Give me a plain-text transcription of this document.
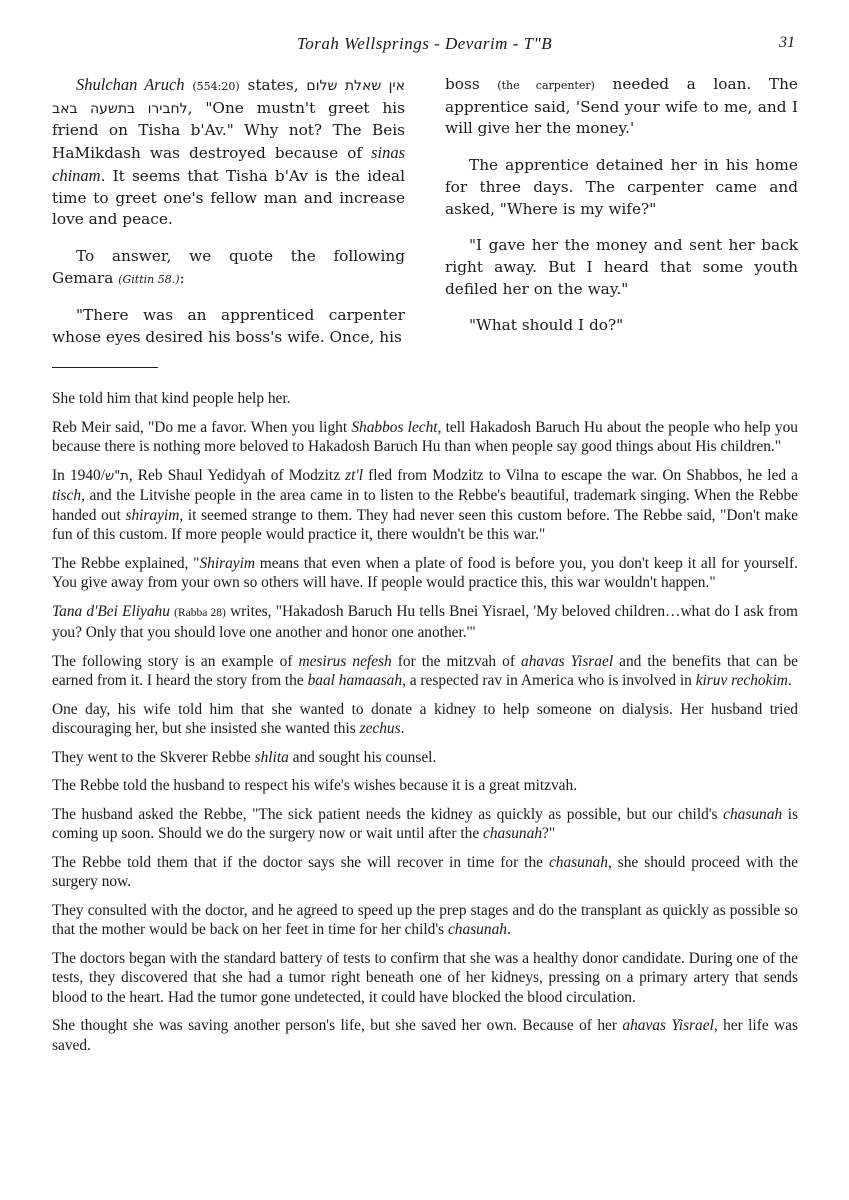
Torah Wellsprings - Devarim - T"B	31

Shulchan Aruch (554:20) states, אין שאלת שלום לחבירו בתשעה באב, "One mustn't greet his friend on Tisha b'Av." Why not? The Beis HaMikdash was destroyed because of sinas chinam. It seems that Tisha b'Av is the ideal time to greet one's fellow man and increase love and peace.

To answer, we quote the following Gemara (Gittin 58.):

"There was an apprenticed carpenter whose eyes desired his boss's wife. Once, his

boss (the carpenter) needed a loan. The apprentice said, 'Send your wife to me, and I will give her the money.'

The apprentice detained her in his home for three days. The carpenter came and asked, "Where is my wife?"

"I gave her the money and sent her back right away. But I heard that some youth defiled her on the way."

"What should I do?"

She told him that kind people help her.

Reb Meir said, "Do me a favor. When you light Shabbos lecht, tell Hakadosh Baruch Hu about the people who help you because there is nothing more beloved to Hakadosh Baruch Hu than when people say good things about His children."

In 1940/ת"ש, Reb Shaul Yedidyah of Modzitz zt'l fled from Modzitz to Vilna to escape the war. On Shabbos, he led a tisch, and the Litvishe people in the area came in to listen to the Rebbe's beautiful, trademark singing. When the Rebbe handed out shirayim, it seemed strange to them. They had never seen this custom before. The Rebbe said, "Don't make fun of this custom. If more people would practice it, there wouldn't be this war."

The Rebbe explained, "Shirayim means that even when a plate of food is before you, you don't keep it all for yourself. You give away from your own so others will have. If people would practice this, this war wouldn't happen."

Tana d'Bei Eliyahu (Rabba 28) writes, "Hakadosh Baruch Hu tells Bnei Yisrael, 'My beloved children…what do I ask from you? Only that you should love one another and honor one another.'"

The following story is an example of mesirus nefesh for the mitzvah of ahavas Yisrael and the benefits that can be earned from it. I heard the story from the baal hamaasah, a respected rav in America who is involved in kiruv rechokim.

One day, his wife told him that she wanted to donate a kidney to help someone on dialysis. Her husband tried discouraging her, but she insisted she wanted this zechus.

They went to the Skverer Rebbe shlita and sought his counsel.

The Rebbe told the husband to respect his wife's wishes because it is a great mitzvah.

The husband asked the Rebbe, "The sick patient needs the kidney as quickly as possible, but our child's chasunah is coming up soon. Should we do the surgery now or wait until after the chasunah?"

The Rebbe told them that if the doctor says she will recover in time for the chasunah, she should proceed with the surgery now.

They consulted with the doctor, and he agreed to speed up the prep stages and do the transplant as quickly as possible so that the mother would be back on her feet in time for her child's chasunah.

The doctors began with the standard battery of tests to confirm that she was a healthy donor candidate. During one of the tests, they discovered that she had a tumor right beneath one of her kidneys, pressing on a primary artery that sends blood to the heart. Had the tumor gone undetected, it could have blocked the blood circulation.

She thought she was saving another person's life, but she saved her own. Because of her ahavas Yisrael, her life was saved.
